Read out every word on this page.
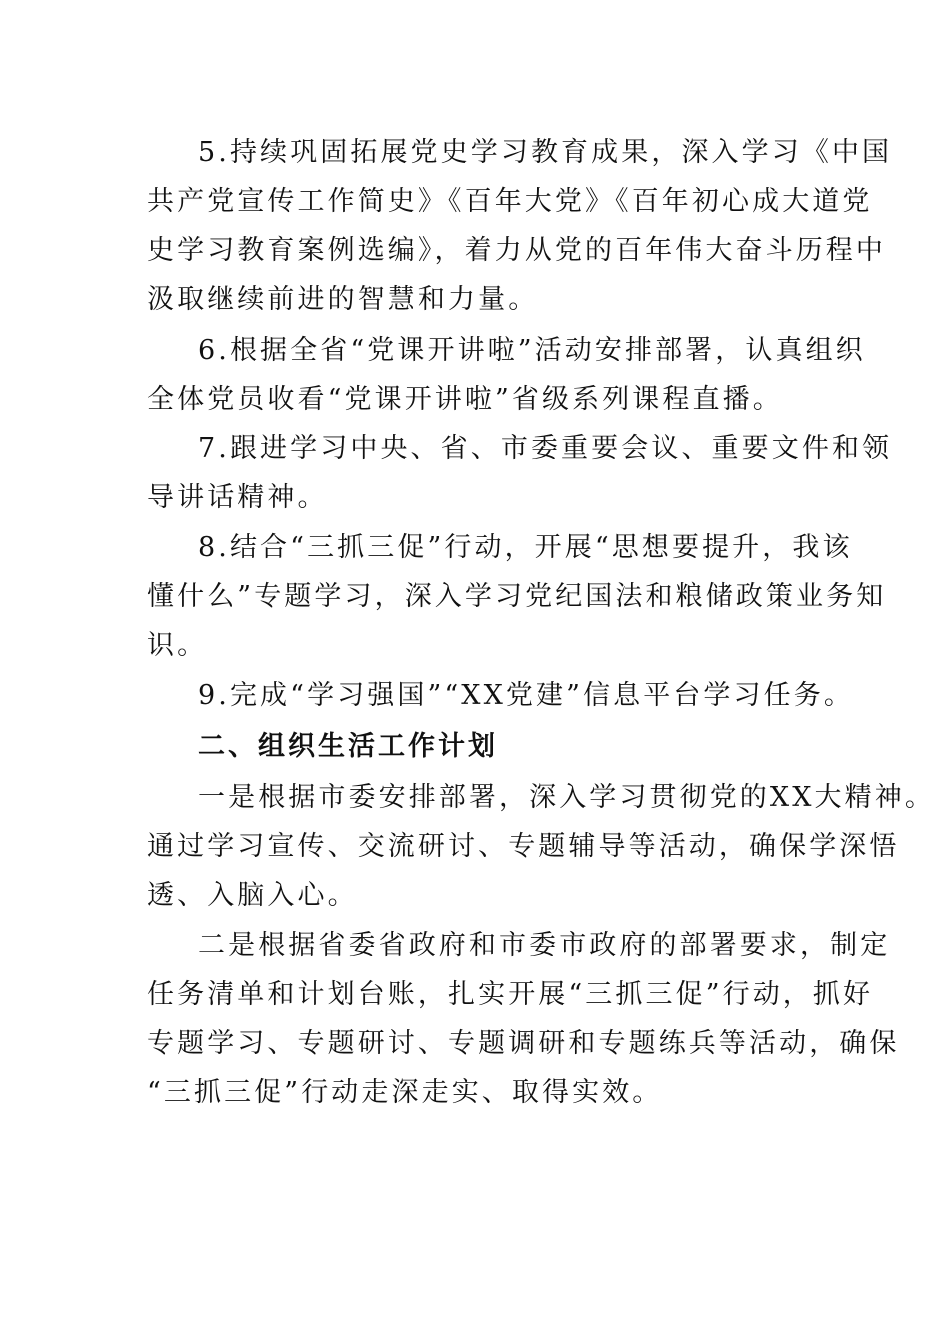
5.持续巩固拓展党史学习教育成果，深入学习《中国
共产党宣传工作简史》《百年大党》《百年初心成大道党
史学习教育案例选编》，着力从党的百年伟大奋斗历程中
汲取继续前进的智慧和力量。
6.根据全省“党课开讲啦”活动安排部署，认真组织
全体党员收看“党课开讲啦”省级系列课程直播。
7.跟进学习中央、省、市委重要会议、重要文件和领
导讲话精神。
8.结合“三抓三促”行动，开展“思想要提升，我该
懂什么”专题学习，深入学习党纪国法和粮储政策业务知
识。
9.完成“学习强国”“XX党建”信息平台学习任务。
二、组织生活工作计划
一是根据市委安排部署，深入学习贯彻党的XX大精神。
通过学习宣传、交流研讨、专题辅导等活动，确保学深悟
透、入脑入心。
二是根据省委省政府和市委市政府的部署要求，制定
任务清单和计划台账，扎实开展“三抓三促”行动，抓好
专题学习、专题研讨、专题调研和专题练兵等活动，确保
“三抓三促”行动走深走实、取得实效。
